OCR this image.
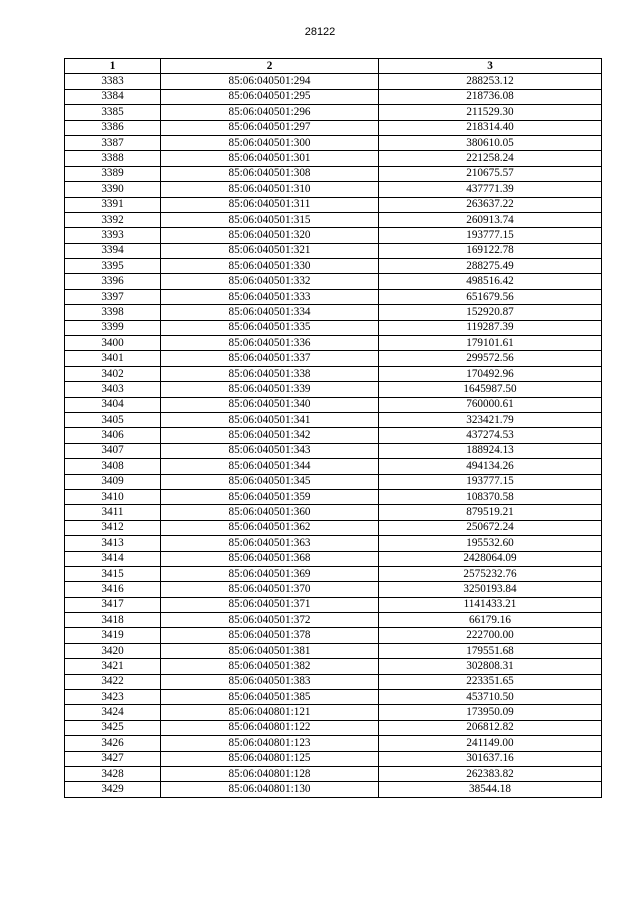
28122
1	2	3
3383	85:06:040501:294	288253.12
3384	85:06:040501:295	218736.08
3385	85:06:040501:296	211529.30
3386	85:06:040501:297	218314.40
3387	85:06:040501:300	380610.05
3388	85:06:040501:301	221258.24
3389	85:06:040501:308	210675.57
3390	85:06:040501:310	437771.39
3391	85:06:040501:311	263637.22
3392	85:06:040501:315	260913.74
3393	85:06:040501:320	193777.15
3394	85:06:040501:321	169122.78
3395	85:06:040501:330	288275.49
3396	85:06:040501:332	498516.42
3397	85:06:040501:333	651679.56
3398	85:06:040501:334	152920.87
3399	85:06:040501:335	119287.39
3400	85:06:040501:336	179101.61
3401	85:06:040501:337	299572.56
3402	85:06:040501:338	170492.96
3403	85:06:040501:339	1645987.50
3404	85:06:040501:340	760000.61
3405	85:06:040501:341	323421.79
3406	85:06:040501:342	437274.53
3407	85:06:040501:343	188924.13
3408	85:06:040501:344	494134.26
3409	85:06:040501:345	193777.15
3410	85:06:040501:359	108370.58
3411	85:06:040501:360	879519.21
3412	85:06:040501:362	250672.24
3413	85:06:040501:363	195532.60
3414	85:06:040501:368	2428064.09
3415	85:06:040501:369	2575232.76
3416	85:06:040501:370	3250193.84
3417	85:06:040501:371	1141433.21
3418	85:06:040501:372	66179.16
3419	85:06:040501:378	222700.00
3420	85:06:040501:381	179551.68
3421	85:06:040501:382	302808.31
3422	85:06:040501:383	223351.65
3423	85:06:040501:385	453710.50
3424	85:06:040801:121	173950.09
3425	85:06:040801:122	206812.82
3426	85:06:040801:123	241149.00
3427	85:06:040801:125	301637.16
3428	85:06:040801:128	262383.82
3429	85:06:040801:130	38544.18
